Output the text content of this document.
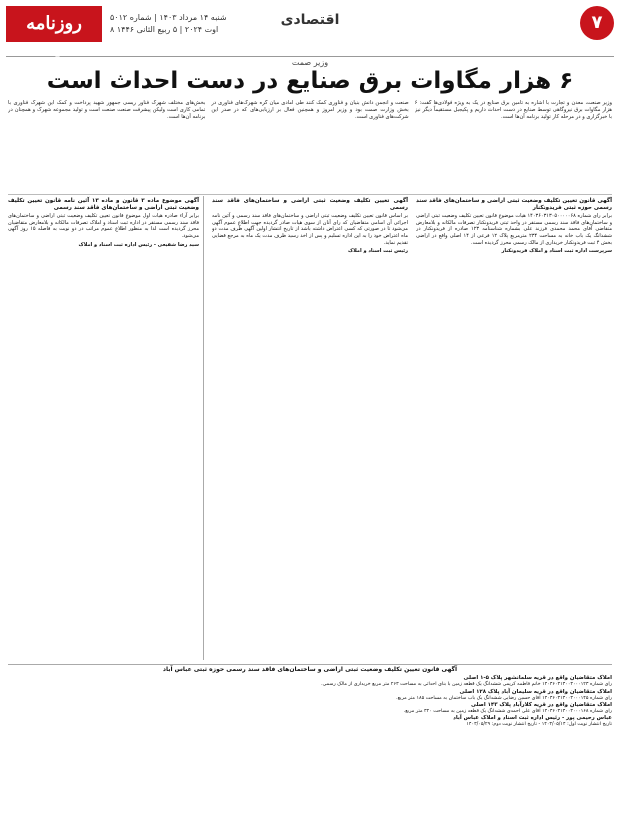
۷
اقتصادی
شنبه ۱۴ مرداد ۱۴۰۳ | شماره ۵۰۱۲
۸ اوت ۲۰۲۴ | ۵ ربیع الثانی ۱۴۴۶
روزنامه پیشرو	وزیر صمت
۶ هزار مگاوات برق صنایع در دست احداث است
وزیر صنعت، معدن و تجارت با اشاره به تامین برق صنایع در یک به ویژه فولادی‌ها گفت: ۶ هزار مگاوات برق نیروگاهی توسط صنایع در دست احداث داریم و پکیجبل مستقیماً دیگر نیز با خبرگزاری و در مرحله کار تولید برنامه آن‌ها است.
صنعت و انجمن دانش بنیان و فناوری کمک کنند طی آمادی میان گره شهرک‌های فناوری در بخش وزارت صمت بود و وزیر امروز و همچنین فعال بر ارزیابی‌های که در صدر این شرکت‌های فناوری است.
بخش‌های مختلف شهرک فناور ریسی جمهور شهید پرداخت و کمک این شهرک فناوری با تمامی کاری است ولیکن پیشرفت صنعت صنعت است و تولید مجموعه شهرک و همچنان در برنامه آن‌ها است.
آگهی قانون تعیین تکلیف وضعیت ثبتی اراضی و ساختمان‌های فاقد سند رسمی حوزه ثبتی فریدونکنار
برابر رای شماره ۱۴۰۳۶۰۳۱۳۰۵۰۰۰۰۰۶۸ هیات موضوع قانون تعیین تکلیف وضعیت ثبتی اراضی و ساختمان‌های فاقد سند رسمی مستقر در واحد ثبتی فریدونکنار تصرفات مالکانه و بلامعارض متقاضی آقای محمد محمدی فرزند علی بشماره شناسنامه ۱۲۳ صادره از فریدونکنار در ششدانگ یک باب خانه به مساحت ۲۳۴ مترمربع پلاک ۱۲ فرعی از ۱۴ اصلی واقع در اراضی بخش ۴ ثبت فریدونکنار خریداری از مالک رسمی محرز گردیده است.
سرپرست اداره ثبت اسناد و املاک فریدونکنار
آگهی تعیین تکلیف وضعیت ثبتی اراضی و ساختمان‌های فاقد سند رسمی
بر اساس قانون تعیین تکلیف وضعیت ثبتی اراضی و ساختمان‌های فاقد سند رسمی و آئین نامه اجرائی آن اسامی متقاضیان که رای آنان از سوی هیات صادر گردیده جهت اطلاع عموم آگهی می‌شود تا در صورتی که کسی اعتراض داشته باشد از تاریخ انتشار اولین آگهی ظرف مدت دو ماه اعتراض خود را به این اداره تسلیم و پس از اخذ رسید ظرف مدت یک ماه به مرجع قضایی تقدیم نماید.
رئیس ثبت اسناد و املاک
آگهی موضوع ماده ۳ قانون و ماده ۱۳ آئین نامه قانون تعیین تکلیف وضعیت ثبتی اراضی و ساختمان‌های فاقد سند رسمی
برابر آراء صادره هیات اول موضوع قانون تعیین تکلیف وضعیت ثبتی اراضی و ساختمان‌های فاقد سند رسمی مستقر در اداره ثبت اسناد و املاک تصرفات مالکانه و بلامعارض متقاضیان محرز گردیده است لذا به منظور اطلاع عموم مراتب در دو نوبت به فاصله ۱۵ روز آگهی می‌شود.
سید رضا شفیعی - رئیس اداره ثبت اسناد و املاک
آگهی قانون تعیین تکلیف وضعیت ثبتی اراضی و ساختمان‌های فاقد سند رسمی حوزه ثبتی عباس آباد
املاک متقاضیان واقع در قریه سلمانشهر پلاک ۵-۱ اصلی
رای شماره ۱۴۰۳۶۰۳۱۳۰۰۳۰۰۰۱۲۳ خانم فاطمه کریمی ششدانگ یک قطعه زمین با بنای احداثی به مساحت ۲۶۳ متر مربع خریداری از مالک رسمی.
املاک متقاضیان واقع در قریه سلیمان آباد پلاک ۱۲۸ اصلی
رای شماره ۱۴۰۳۶۰۳۱۳۰۰۳۰۰۰۱۴۵ آقای حسین رضایی ششدانگ یک باب ساختمان به مساحت ۱۸۵ متر مربع.
املاک متقاضیان واقع در قریه کلارآباد پلاک ۱۴۳ اصلی
رای شماره ۱۴۰۳۶۰۳۱۳۰۰۳۰۰۰۱۶۸ آقای علی احمدی ششدانگ یک قطعه زمین به مساحت ۳۲۰ متر مربع.
عباس رحیمی پور - رئیس اداره ثبت اسناد و املاک عباس آباد
تاریخ انتشار نوبت اول: ۱۴۰۳/۰۵/۱۴ - تاریخ انتشار نوبت دوم: ۱۴۰۳/۰۵/۲۹
